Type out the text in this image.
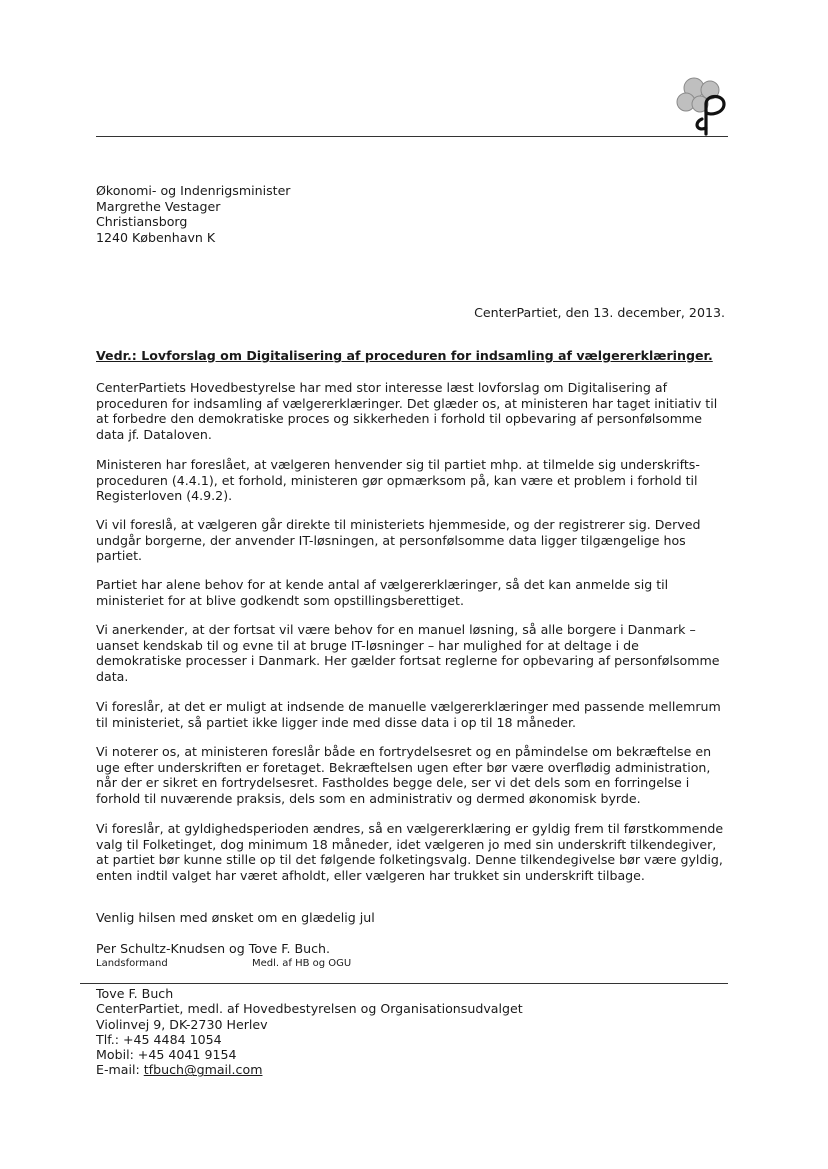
Økonomi- og Indenrigsminister
Margrethe Vestager
Christiansborg
1240 København K
CenterPartiet, den 13. december, 2013.
Vedr.: Lovforslag om Digitalisering af proceduren for indsamling af vælgererklæringer.
CenterPartiets Hovedbestyrelse har med stor interesse læst lovforslag om Digitalisering af
proceduren for indsamling af vælgererklæringer. Det glæder os, at ministeren har taget initiativ til
at forbedre den demokratiske proces og sikkerheden i forhold til opbevaring af personfølsomme
data jf. Dataloven.
Ministeren har foreslået, at vælgeren henvender sig til partiet mhp. at tilmelde sig underskrifts-
proceduren (4.4.1), et forhold, ministeren gør opmærksom på, kan være et problem i forhold til
Registerloven (4.9.2).
Vi vil foreslå, at vælgeren går direkte til ministeriets hjemmeside, og der registrerer sig. Derved
undgår borgerne, der anvender IT-løsningen, at personfølsomme data ligger tilgængelige hos
partiet.
Partiet har alene behov for at kende antal af vælgererklæringer, så det kan anmelde sig til
ministeriet for at blive godkendt som opstillingsberettiget.
Vi anerkender, at der fortsat vil være behov for en manuel løsning, så alle borgere i Danmark –
uanset kendskab til og evne til at bruge IT-løsninger – har mulighed for at deltage i de
demokratiske processer i Danmark. Her gælder fortsat reglerne for opbevaring af personfølsomme
data.
Vi foreslår, at det er muligt at indsende de manuelle vælgererklæringer med passende mellemrum
til ministeriet, så partiet ikke ligger inde med disse data i op til 18 måneder.
Vi noterer os, at ministeren foreslår både en fortrydelsesret og en påmindelse om bekræftelse en
uge efter underskriften er foretaget. Bekræftelsen ugen efter bør være overflødig administration,
når der er sikret en fortrydelsesret. Fastholdes begge dele, ser vi det dels som en forringelse i
forhold til nuværende praksis, dels som en administrativ og dermed økonomisk byrde.
Vi foreslår, at gyldighedsperioden ændres, så en vælgererklæring er gyldig frem til førstkommende
valg til Folketinget, dog minimum 18 måneder, idet vælgeren jo med sin underskrift tilkendegiver,
at partiet bør kunne stille op til det følgende folketingsvalg. Denne tilkendegivelse bør være gyldig,
enten indtil valget har været afholdt, eller vælgeren har trukket sin underskrift tilbage.
Venlig hilsen med ønsket om en glædelig jul
Per Schultz-Knudsen og Tove F. Buch.
Landsformand	Medl. af HB og OGU
Tove F. Buch
CenterPartiet, medl. af Hovedbestyrelsen og Organisationsudvalget
Violinvej 9, DK-2730 Herlev
Tlf.: +45 4484 1054
Mobil: +45 4041 9154
E-mail: tfbuch@gmail.com
